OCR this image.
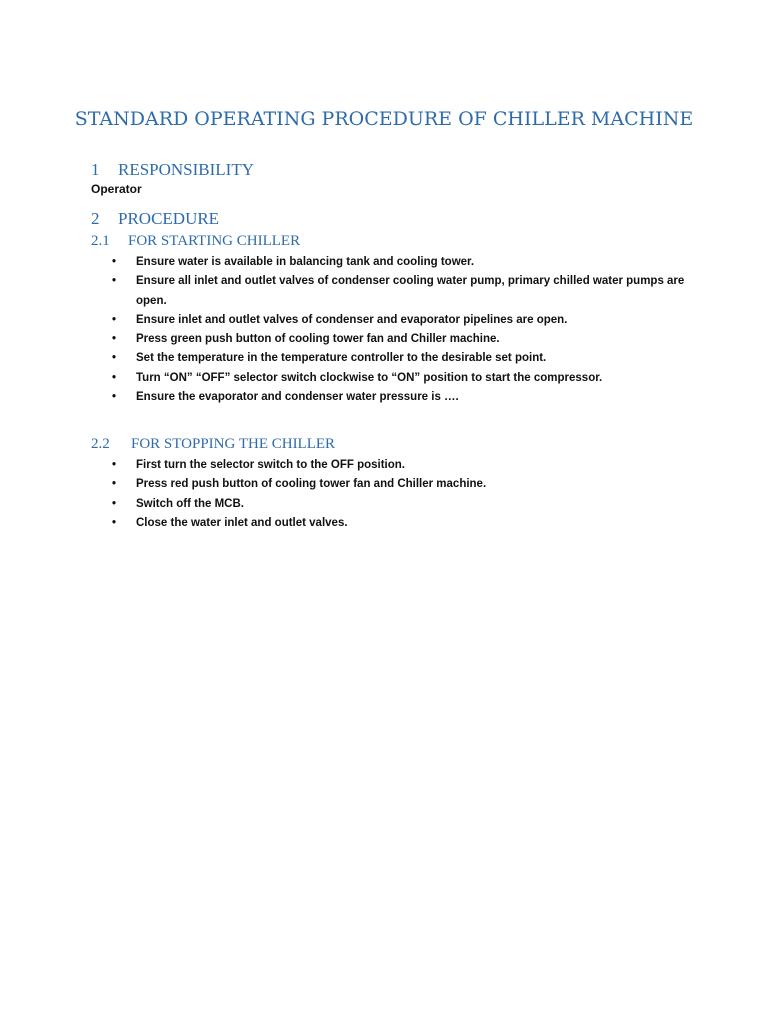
STANDARD OPERATING PROCEDURE OF CHILLER MACHINE
1 RESPONSIBILITY
Operator
2 PROCEDURE
2.1 FOR STARTING CHILLER
• Ensure water is available in balancing tank and cooling tower.
• Ensure all inlet and outlet valves of condenser cooling water pump, primary chilled water pumps are open.
• Ensure inlet and outlet valves of condenser and evaporator pipelines are open.
• Press green push button of cooling tower fan and Chiller machine.
• Set the temperature in the temperature controller to the desirable set point.
• Turn “ON” “OFF” selector switch clockwise to “ON” position to start the compressor.
• Ensure the evaporator and condenser water pressure is ….
2.2 FOR STOPPING THE CHILLER
• First turn the selector switch to the OFF position.
• Press red push button of cooling tower fan and Chiller machine.
• Switch off the MCB.
• Close the water inlet and outlet valves.
